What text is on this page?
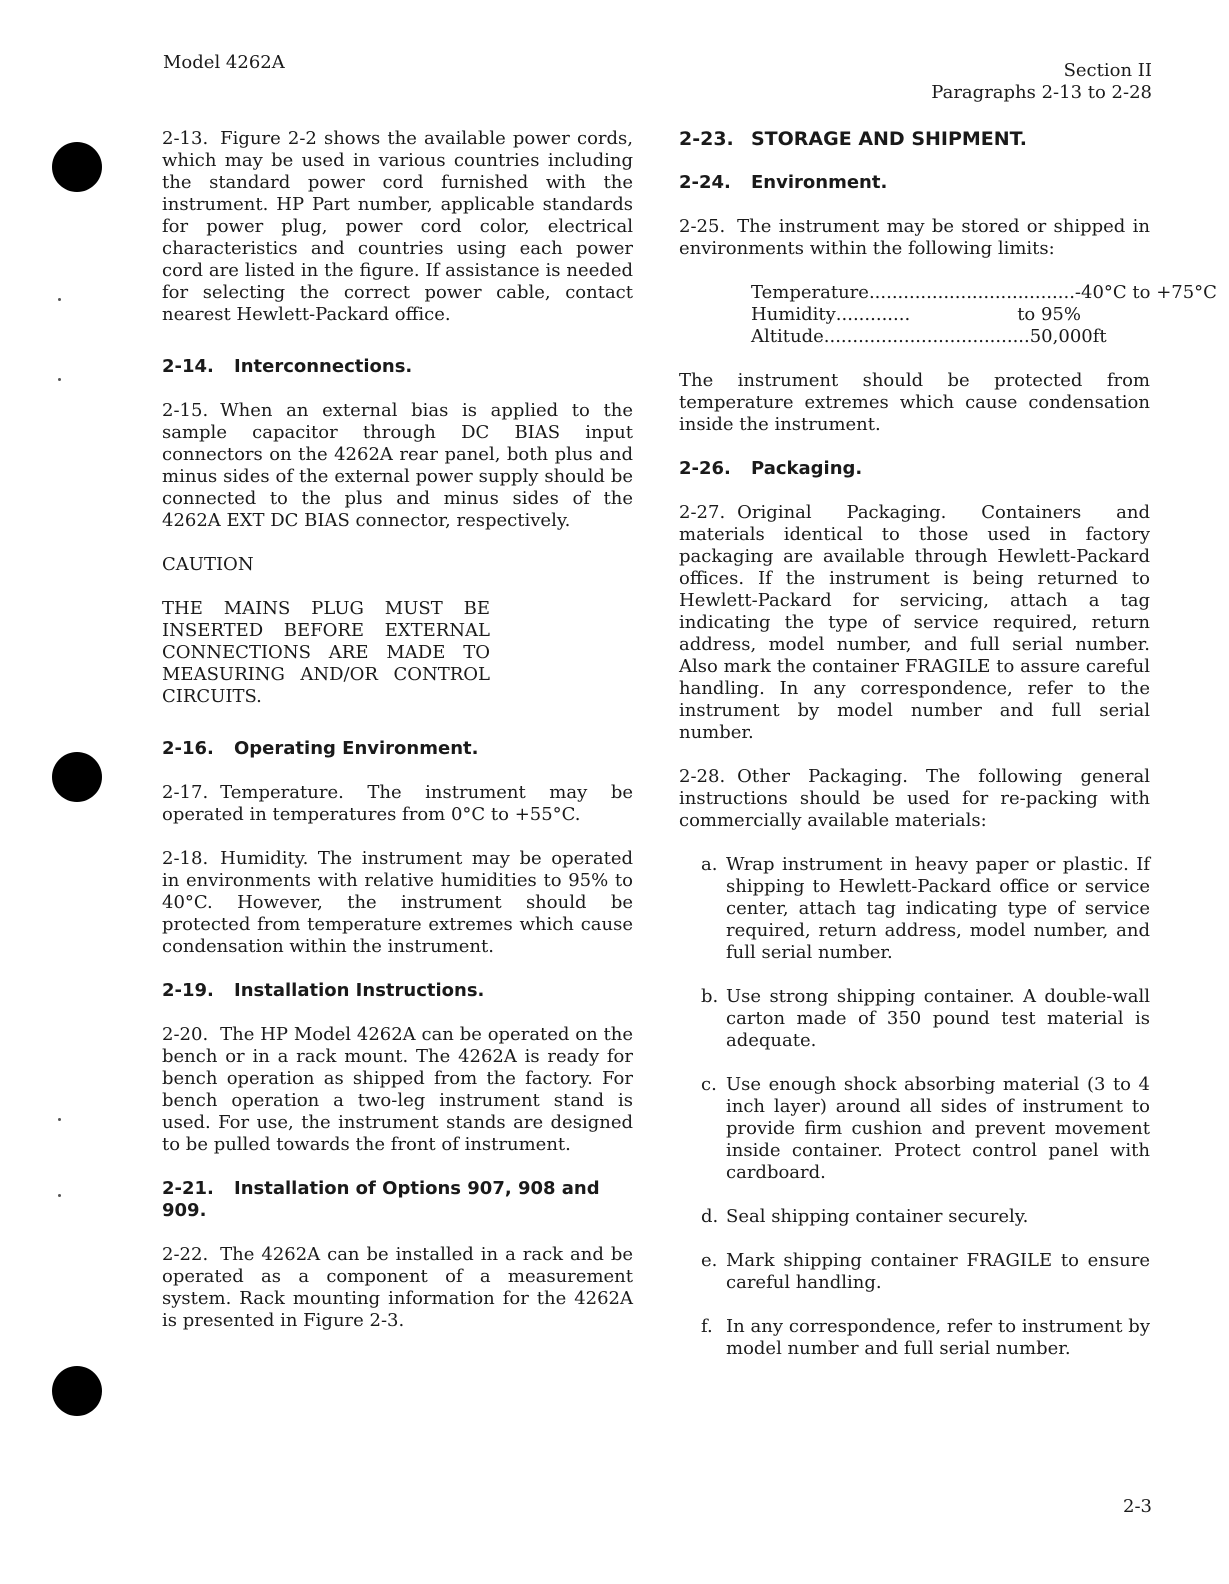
Model 4262A	Section II
Paragraphs 2-13 to 2-28

2-13. Figure 2-2 shows the available power cords, which may be used in various countries including the standard power cord furnished with the instrument. HP Part number, applicable standards for power plug, power cord color, electrical characteristics and countries using each power cord are listed in the figure. If assistance is needed for selecting the correct power cable, contact nearest Hewlett-Packard office.

2-14. Interconnections.

2-15. When an external bias is applied to the sample capacitor through DC BIAS input connectors on the 4262A rear panel, both plus and minus sides of the external power supply should be connected to the plus and minus sides of the 4262A EXT DC BIAS connector, respectively.

CAUTION

THE MAINS PLUG MUST BE INSERTED BEFORE EXTERNAL CONNECTIONS ARE MADE TO MEASURING AND/OR CONTROL CIRCUITS.

2-16. Operating Environment.

2-17. Temperature. The instrument may be operated in temperatures from 0°C to +55°C.

2-18. Humidity. The instrument may be operated in environments with relative humidities to 95% to 40°C. However, the instrument should be protected from temperature extremes which cause condensation within the instrument.

2-19. Installation Instructions.

2-20. The HP Model 4262A can be operated on the bench or in a rack mount. The 4262A is ready for bench operation as shipped from the factory. For bench operation a two-leg instrument stand is used. For use, the instrument stands are designed to be pulled towards the front of instrument.

2-21. Installation of Options 907, 908 and 909.

2-22. The 4262A can be installed in a rack and be operated as a component of a measurement system. Rack mounting information for the 4262A is presented in Figure 2-3.

2-23. STORAGE AND SHIPMENT.
2-24. Environment.

2-25. The instrument may be stored or shipped in environments within the following limits:

Temperature .................................... -40°C to +75°C
Humidity ............. to 95%
Altitude .................................... 50,000ft

The instrument should be protected from temperature extremes which cause condensation inside the instrument.

2-26. Packaging.

2-27. Original Packaging. Containers and materials identical to those used in factory packaging are available through Hewlett-Packard offices. If the instrument is being returned to Hewlett-Packard for servicing, attach a tag indicating the type of service required, return address, model number, and full serial number. Also mark the container FRAGILE to assure careful handling. In any correspondence, refer to the instrument by model number and full serial number.

2-28. Other Packaging. The following general instructions should be used for re-packing with commercially available materials:

a. Wrap instrument in heavy paper or plastic. If shipping to Hewlett-Packard office or service center, attach tag indicating type of service required, return address, model number, and full serial number.
b. Use strong shipping container. A double-wall carton made of 350 pound test material is adequate.
c. Use enough shock absorbing material (3 to 4 inch layer) around all sides of instrument to provide firm cushion and prevent movement inside container. Protect control panel with cardboard.
d. Seal shipping container securely.
e. Mark shipping container FRAGILE to ensure careful handling.
f. In any correspondence, refer to instrument by model number and full serial number.
2-3
